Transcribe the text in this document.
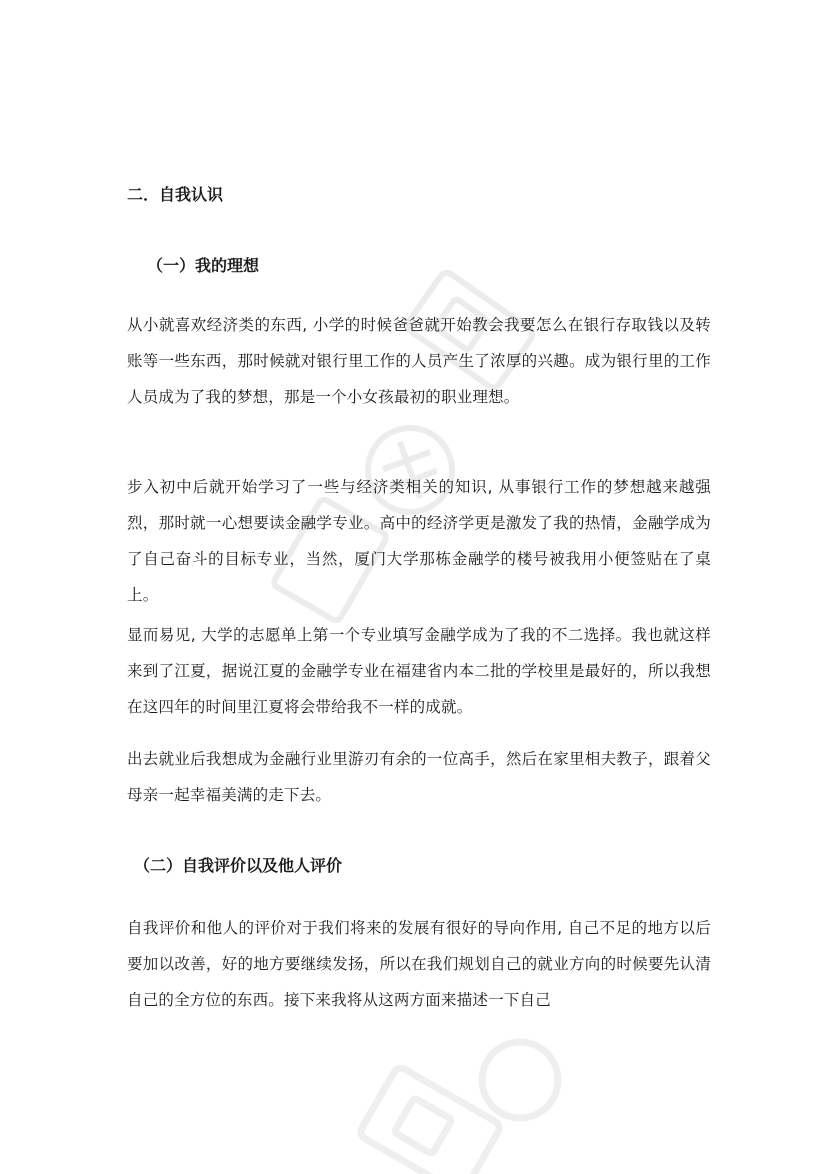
二．自我认识
（一）我的理想

从小就喜欢经济类的东西, 小学的时候爸爸就开始教会我要怎么在银行存取钱以及转账等一些东西，那时候就对银行里工作的人员产生了浓厚的兴趣。成为银行里的工作人员成为了我的梦想，那是一个小女孩最初的职业理想。

步入初中后就开始学习了一些与经济类相关的知识, 从事银行工作的梦想越来越强烈，那时就一心想要读金融学专业。高中的经济学更是激发了我的热情，金融学成为了自己奋斗的目标专业，当然，厦门大学那栋金融学的楼号被我用小便签贴在了桌上。

显而易见, 大学的志愿单上第一个专业填写金融学成为了我的不二选择。我也就这样来到了江夏，据说江夏的金融学专业在福建省内本二批的学校里是最好的，所以我想在这四年的时间里江夏将会带给我不一样的成就。

出去就业后我想成为金融行业里游刃有余的一位高手，然后在家里相夫教子，跟着父母亲一起幸福美满的走下去。

（二）自我评价以及他人评价

自我评价和他人的评价对于我们将来的发展有很好的导向作用, 自己不足的地方以后要加以改善，好的地方要继续发扬，所以在我们规划自己的就业方向的时候要先认清自己的全方位的东西。接下来我将从这两方面来描述一下自己
